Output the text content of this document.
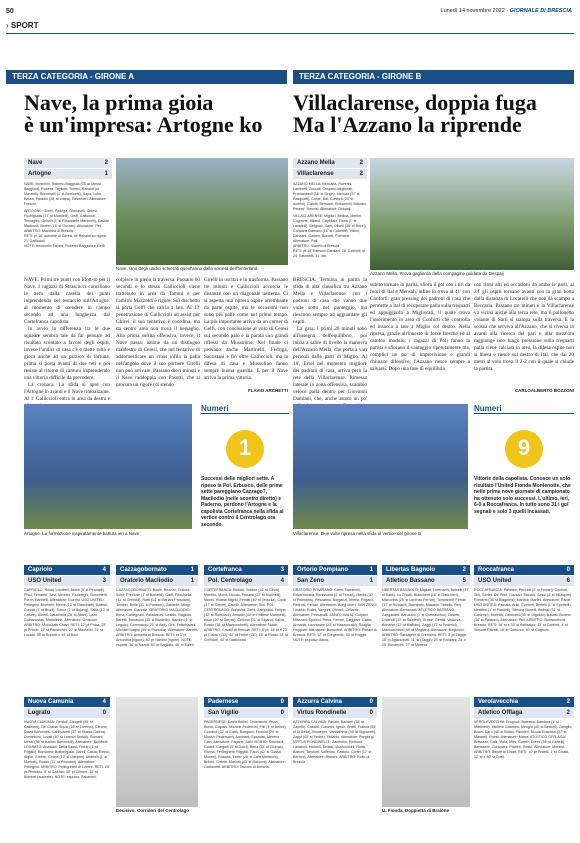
50	Lunedì 14 novembre 2022 · GIORNALE DI BRESCIA
› SPORT
TERZA CATEGORIA - GIRONE A	TERZA CATEGORIA - GIRONE B
Nave, la prima gioia
è un'impresa: Artogne ko
Villaclarense, doppia fuga
Ma l'Azzano la riprende
Nave	2
Artogne	1
NAVE: Moschini, Roberto Baggiola (35' st Mosto Baggiola), Rubera, Tagliotti, Tammi, Rebaldi (st Marasdi), Bonomelli (1' st Bertinetti), Sapa, Lubu, Belaw, Paraoni (28' st Viapa), Reverberi. Allenatore: Freschi.
ARTOGNE: Girelli, Pedriga, Gheraseli, Ceresi, Fuchigiudis (37' st Mandelli), Gelfi, Galliccioli, Trovaglini, Ghirelli (1' st Rinaudelle Martinelli), Davide Martinelli, Bertini (16' st Gorzan). Allenatore: Pini.
ARBITRO: Mazzoldi di Brescia.
RETI: pt 18' autorete di Ceresi; st' Rebaldi su rigore, 21' Galliccioli.
NOTE: Ammoniti: Tammi, Roberto Baggiola e Gelfi.
Nave. Uno degli undici schierati quest'anno dalla società dell'hinterland
NAVE. Primi tre punti con Elott-to per il Nave. I ragazzi di Strascucci conciliano le zero dalla casella dei punti imprendendo nel testaccio sull'Artogne. al momento di scendere in campo secondo ad una lunghezza dal Cortefranca capolista.
In avvio la differenza tra le due squadre sembra tale da far pensare ad risultato scontato a favore degli ospiti, invece l'undici di casa c'è e mette tutto e gioca anche ad un pizzico di fortuna, prima si porta avanti di due reti e poi resiste al ritorno di camuni imprendendo una vittoria difficile da prevedere.
La cronaca. La sfida si apre con l'Artogne in avanti e il Nave rimbalzante. Al 1' Galliccioli entra in area da destra e
colpisce in pieno la traversa. Passano 60 secondi e lo stesso Galliccioli viene trattenuto in area da Tammi e per l'arbitro Mazzoldi è rigore. Sul dischetto si porta Gelfi che calcia a lato. Al 13' penetrazione di Galliccioli ad assist per Ghirei: il suo tentativo è coordina, ma da centro area non trova il bersaglio. Alla prima sortita offensiva, invece, il Nave passa: azione da un distinguo maldestro di Ceresi, che nel tentativo di addomesticare un cross infila la palla nell'angolo dove il suo portiere Girelli non può arrivare. Passano dieci minuti e il Nave raddoppia con Pasotti, che si procura un rigore (di stendo
Girelli in uscita) e lo trasforma. Passano tre minuti e Galliccioli accorcia le distanze con un diagonale nesterna. Ci si aspetta una ripresa ospite arrembante da parte ospite, ma le occasioni non sono più palle come nel primo tempo. La più importante arriva da un corner di Gelfi, con conclusione al volo di Ceresi sul secondo palo e la parata con grandi riflessi da Mussolino. Nel finale ci provano anche Martinelli, Fedriga, Sacristani e fin oltre Galliccioli, ma la difesa di casa e Mussolino fanno sempre buona guardia. E per il Nave arriva la prima vittoria.
FLAVIO ARCHETTI
Azzano Mella	2
Villaclarense	2
AZZANO MELLA: Beccaria, Rovetini, Lamberti, Zuccali, Crispani, Migliorati, Pramanfredi (18' st Singh), Meroah (37' st Pasquotti), Conte, Bai, Conforti (23' st Acerini), Galotti, Bersardi, Rossonelli, Melzani, Pedrini, Travvisi. Allenatore: Despaij.
VILLACLARENSE: Migliori, Bellina, Merlini, Cognone, Milardi, Capellaio, Dona (1' st Lavatelli), Bergnuli, Sarti, Oliveti (38' st Buzzi), Conpanti Damiani (16' st Colombi), Villiini, Dankani, Gamen, Bonetti, Formenti. Allenatore: Pell.
ARBITRO: Vianelli di Brescia.
RETI: pt 18' Sansoni Damiani, 26' Conforti; st 24' Sarzinelli, 31' Ital.
Azzano Mella. Prova gagliarda della compagine guidata da Despaij
BRESCIA. Termina in parità la sfida di alta classifica tra Azzano Mella e Villaclarense: con i padroni di casa che vanno due volte sotto nel punteggio, ma riescono sempre ad agguantare gli ospiti.
La gara. I primi 20 minuti sono all'insegna dell'equilibrio, poi inizia a salire di livello la manovra dell'Azzano Mella, che porta a vari pericoli dalle parti di Miglio. Al 16', Ersel nel momento migliore dei padroni di casa, arriva però la rete della Villaclarense. Rimessa laterale in zona offensiva, scambio veloce palla dentro per Giovanni Damiani, che, anche astuto un po'
subito tornare in parità, sfiora il gol con i tiri da fuori di Ital e Mensah, infine lo trova al 41' con Conforti: gran pressing dei padroni di casa che permette a Ital di recuperare palla sulla trequarti ed appoggiarla a Migliorati, il quale trova l'inserimento in area di Conforti che controlla ed insacca a lato a Miglio col destro. Nella ripresa, grazie all'innesto di forze fresche ed al cambio modulo, i ragazzi di Poli fanno la partita e sfiorano il vantaggio ripetutamente ma, complici un po' di imprecisione e grandi chiusure difensive, l'Azzano riesce sempre a salvarsi. Dopo una fase di equilibrio,
con ritmi alti ed occasioni da ambo le parti, al 24' gli ospiti tornano avanti con la gran botta dalla distanza di Locatelli che non dà scampo a Beccaria. Passano tre minuti e la Villaclarense va vicina anche alla terza rete, ma il pallonetto volante di Sarti si stampa sulla traversa. E la scossa che serviva all'Azzano, che si riversa in avanti alla ricerca del pari e alla mezz'ora raggiunge uno lungo pressione sulla trequarti palla viene calciata in area, la difesa ospite non si libera e riesce sul destro di Ital, che dai 20 metri al volo trova il 2-2 con il quale si chiude la partita.
CARLOALBERTO BOZZONI
Artogne. La formazione inspiratamente battuta ieri a Nave
Numeri
1
Successi delle migliori sette. A ripeso la Pol. Erbusco, delle prime sette pareggiano Cazzago?, Macliodio (nelle scontro diretto) e Paderno, perdono l'Artogne e la capolista Cortefranca nella sfida al vertice contro il Centrolago ora secondo.
Villaclarense. Due volte ripresa nella sfida al vertice del girone B
Numeri
9
Vittorie della capolista. Conosce un solo risultato l'United Fionda Montenotte, che nelle prime nove giornate di campionato ha ottenuto solo successi. L'ultimo, ieri, 6-0 a Roccafranca. In tutto sono 31 i gol segnati e solo 3 quelli incassati.
Capriolo	4
USO United	3
CAPRIOLO: Rossi, Locatelli, Astori (9' st Pennielli), Pisci, Ferrante, Sevi, Verzeni, Redeleghi, Bonometti, Porrin Marinelli. Allenatore: Guerini. USO UNITED: Pellegrini, Storbelli, Mervit (13' st Gaucinelli), Belleni, Curcidi (1' st Brodi), Zucca (1' st Bojang), Saltà (13' st Cafure), Alberti, Nauchella (26' st Albini), Lazo Guinanoviac, Mariolinne. Allenatore: Orosconi. ARBITRO: Moccolatti Chiari. RETI: 12' pt Phica, 25' pt Priorin, 15' st Pansechin, 22' st Mansello, 31' st Locatti, 38' st Bonetti e 44' st Bovi.
Cazzagobornato	1
Oratorio Macliodio	1
CAZZAGOBORNATO: Bosio, Rezzini, Cratora, Sciro, Preziose (1' st Bonardi), Gatti, Pecchiella (41' st Orefoldi), Ratti (14' st Mariani Prosciutti), Tomber, Bella (31' st Pansion), Gallarde, Mingi. Allenatore: Gazzale. ORATORIO MACLIODIO: Bena, Cartegnani, Faradaroni, Lealdo, Ragliolo, Baretti, Tomasoni (35' st Bardello), Nardon (1' st Legolo), Gommaoni (20' st Bini), Ot's, Fellinissiani, Michael Ivaglio (39' st Pozzolla). Allenatore: Zanelli. ARBITRO: Amsetta di Brescia. RETI: st 3' pt Antonella (rigore); 40' pt Nardini (rigore). NOTE: espulsi: 36' st Nazzit. 40' st Sagliato, 46' st Saleti.
Cortefranca	3
Pol. Centrolago	4
CORTEFRANCA: Bellotti, Soldun (16' st Olivia), Moretto, Moroi, Licodo, Ferranti (37' st Marinelli), Montù, Roana Migliki, Ferrari (40' st Tedorila), Curdi (27' st Simon), Cavrilli. Allenatore: Sini. POL. CENTROLAGO: Bonavita, Zerbi, Zampolini, Felippi (32' st Romiliani), Amadei (40' st Polliese Martinelli), Azuri (20' st Serpei), Celiono (31' st Sigaro), Salva, Rosso (38' st Mazzocchetti). Allenatore: Nobili. ARBITRO: Cavalli di Brescia. RETI: 8' pt, 18' st e 23' pt Cotolo (CO); 40' pt Ferret (CE); 15' st Rosso 34' st Corridori, 43' st Gatticurati.
Ortorio Pompiano	1
San Zeno	1
ORATORIO POMPIANO: Cami, Tamanelli, Ravarmonica, Bonissana (4' st Ferrari), Menta (30' st Pulentina), Pescatina, Borganzi, Vemia, Pogaini, Pedrotti, Ferrari. Allenatore: Borgi Morri. SAN ZENO: Lorandi, Rutini, Vargrini, Ghineli, Cellante. Allenatore: Peccavalli. ZANZO MALIA: Colpani, Milizzani, Spolcoi, Rena, Ferrari, Gaggiani, Casta, Armanis, Lazzarone (20' st Mazzuccalo), Scaglia, Peggiolti. Allenatore: Bonunteri. ARBITRO: Pintani di Brescia. RETI: 12' pt Gregerello, 35' st Poggio. NOTE: espulso: Altina.
Libertas Bagnolo	2
Atletico Bassano	5
LIBERTAS BAGNOLO: Migliari, Lorenzelli, Betselli (37' st Salis), Lo Chiutti, Bianchetti (18' st Gaschieri), Marcolina (25' st Lorenzo Ferrari), Tomarzotti, Ferrari (37' st Ricciardi, Bachinelli, Massimi, Tanello, Rei). Allenatore: Bernanatti. ATLETICO BASSANO: Zangardini, Baruzzini (1' st Cremaschio), Casetti, Chiarioli (10' st Saleletti), Grassi, Gentili, Vadorva, Bonanni (12' st Raffoini), Zaggi (17' st Federici), Mancarchioni (46' st Moglian). Allenatore: Regiosini. ARBITRO: Santagrini di Cremona. RETI: 3' pt Zagga, 18' pt Agazzolotti, 11' st (Zaggi); 24' st Ranzani, 25' e 25' Bonancini; 27' st Manera.
Roccafranca	0
USO United	6
ROCCAFRANCA: Palmieri, Peccioli (2' st Ferrari), Conforti, Sirti, Serlini, De Petri, Gazzari, Bozzini, Sessi (3' st Milaspon), Romenti (35' st Blaginelli), Mariani, Martini. Allenatore: Rivoli. USO UNITED: Pasotta, Arisi, Conforti, Bertelli (1' st Sportelli), Nestibul (1' st Piastelli), Simone Bonelli, Bellissi (31' st Godenzi), Moretta, Calnivani (35' st Gigaldo), Ballasi, Bonino (36' st Palazzo). Allenatore: Poli. ARBITRO: Bontandini di Brescia. RETI: 16' st e 33' st Bellissino; 43' st Conforti; 4' st Simone Ravelli, 16' st Cottuzzo, 40' st Gugnoni.
Nuova Camunia	4
Lograto	0
NUOVA CAMUNIA: Gerdoli, Zangelli (35' st Calimerti), De Gracia, Bocci (16' st Lorenzi), Citrone, David Bonomelli, Carlovarelli (37' st Musso Galera), Dominicini, Lovati (10' st Lorenzi Sertoli), Romani, Messi (36' st Barton Bonomelli). Allenatore: Bombelli. LOGRATO: Anaslani, Della Sassi, Ferrari (1' st Pogalli), Bonsiano, Bottonigiaia, Gandi, Casta, Rosso, Alglia, Godnic, Conca (10' st Gaspari), Attanelli (1' st Mariotti), Rosso (21' st Pirovano). Allenatore: Pellegrini. ARBITRO: Pellegrinelli di Lovere. RETI: 20' pt Pirovano, 5' st Gazzari, 40' pt Citrone, 30' st Bombel (autorete). NOTE: espulso: Salomoni.
Decisivo. Corridori del Centrolago
Padernese	0
San Vigilio	0
PADERNESE: David Bellini, Chiavarolo, Pezzi, Bonzi, Colpani, Michele Pedercini, Pilli (4' st Bellini), Gomboli (32' st Gatti), Bongioni, Fromini (20' st Musivo Pedersani), Arrobarti, Spandisi, Mereno Gavi. Allenatore: Faganti. SAN VIGILIO: Simonelli, Codeli, Gargani (9' st Dolci), Bena (35' st Giornal), Ronna, Ferlinghetti, Riggioli, Facci (42' st Gossa Moreni), Ruaano, Lioter (26' st Zara Maraschi), Bidoni, Chiletti, Mariotti (43' st Racconi). Allenatore: Gaticinetti. ARBITRO: Tacconi di Brescia.
Azzurra Calvina	0
Virtus Rondinelle	0
AZZURRA CALVINA: Pavani, Barbieri (35' st Zanetti), Cassini, Colombi, Ignoli, Gnelli, Franca (35' st Di Bella), Brownlee, Vandamme (46' st Signorelli), Zappi (40' st Fedini), Tedaldo. Allenatore: Pergiorgi. VIRTUS RONDINELLE: Zambolin, Pietrone, Lanaboli, Michelli, Bellasi, Vozzolomini, Rotta, Bottoni, Tandoni, Solferino, Castolo, Cortei (17' st Bertoni). Allenatore: Bianchi. ARBITRO: Rolto di Brescia.
U. Fionda. Doppietta di Braione
Verolavecchia	2
Atletico Offlaga	2
VEROLAVECCHIA: Brognoli, Balestra, Bandera (1' st Martinelli), Michele Guarneri, Merighi (45' st Bettoni), Zaniglio, Bozzi, Caro (45' st Botta), Palmieri, Nicola Guarneri (37' st Manetti), Finetti. Allenatore: Marra. ATLETICO OFFLAGA: Bottazzo, Galli, Viola, Milis, Curreli, Donni (35' st Ganelli), Bertazzini, Cortopani, Pratieri, Gestri. Allenatore: Morsini. ARBITRO: Belotti di Chiari. RETI: 10' pt Pistelli, 1' st Ghiatti, 12' st e 40' st Coeli.
